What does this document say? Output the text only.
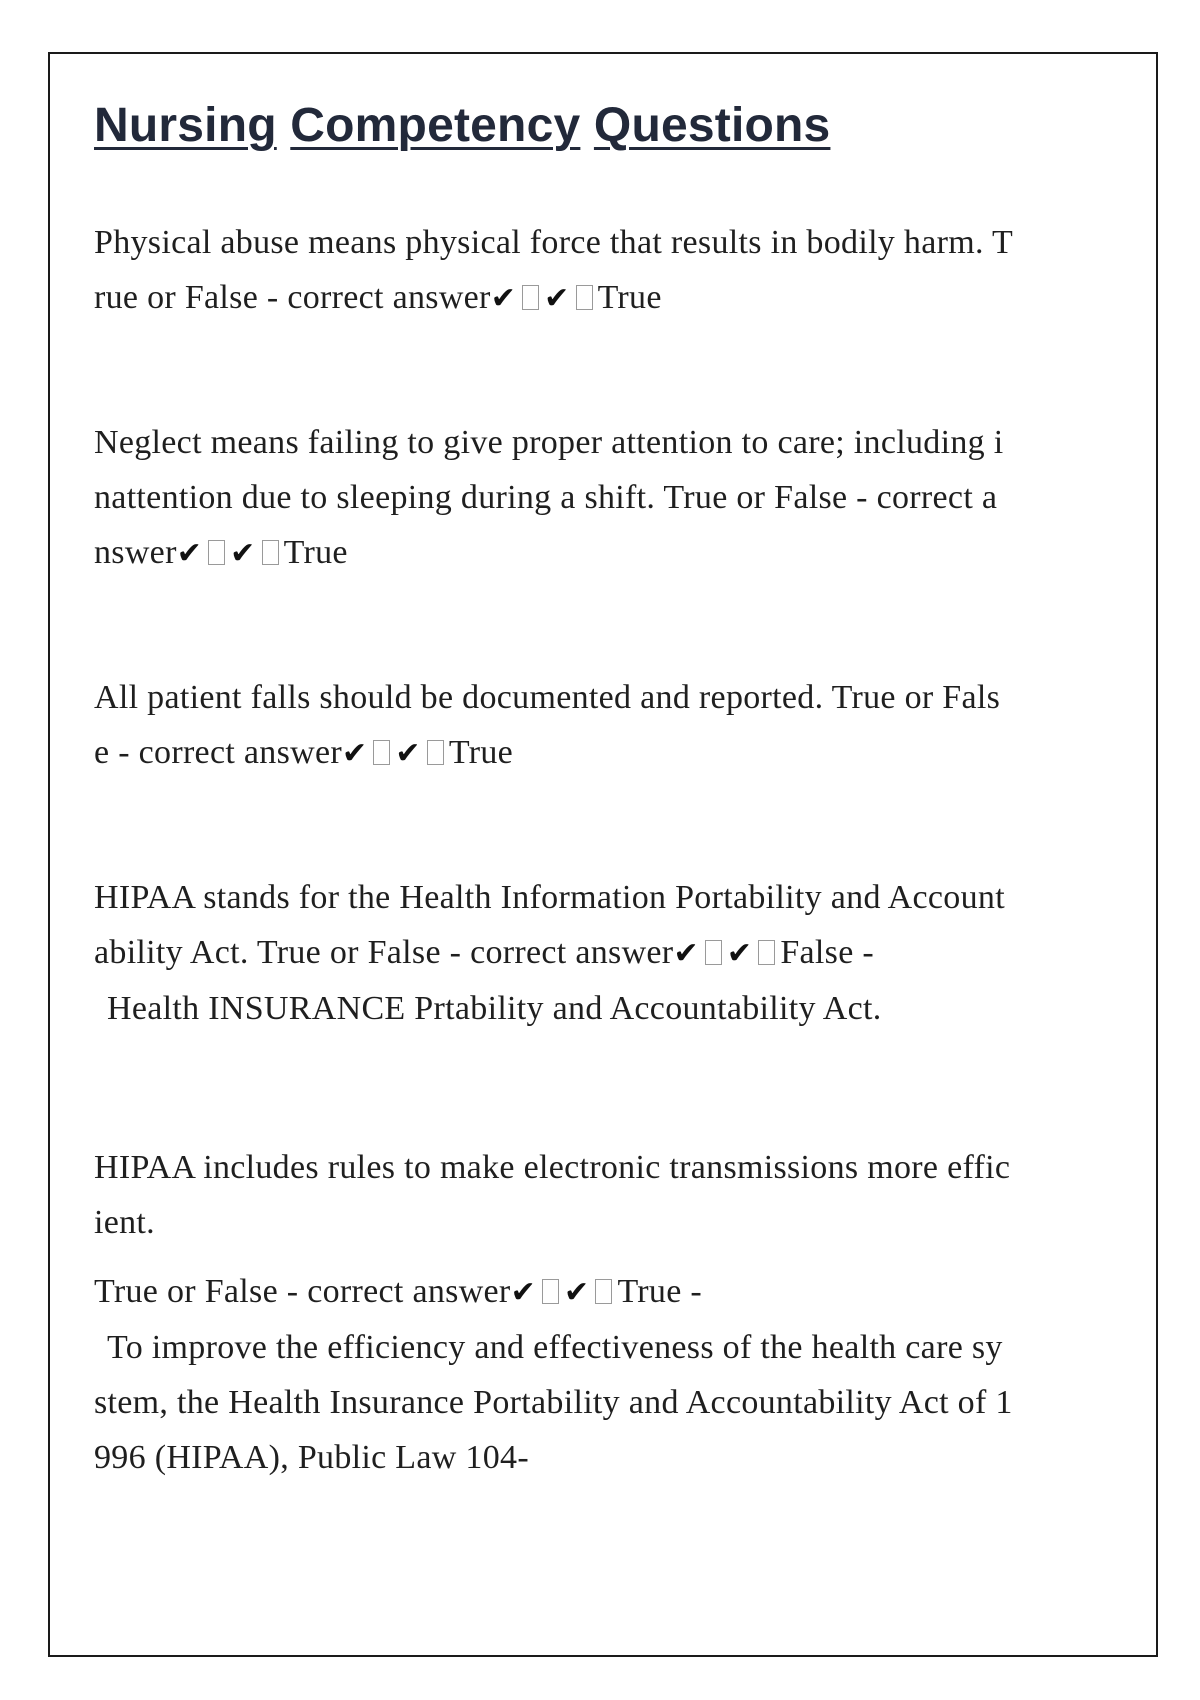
Nursing Competency Questions

Physical abuse means physical force that results in bodily harm. True or False - correct answer✔ ✔ True

Neglect means failing to give proper attention to care; including inattention due to sleeping during a shift. True or False - correct answer✔ ✔ True

All patient falls should be documented and reported. True or False - correct answer✔ ✔ True

HIPAA stands for the Health Information Portability and Accountability Act. True or False - correct answer✔ ✔ False -
Health INSURANCE Prtability and Accountability Act.

HIPAA includes rules to make electronic transmissions more efficient.
True or False - correct answer✔ ✔ True -
To improve the efficiency and effectiveness of the health care system, the Health Insurance Portability and Accountability Act of 1996 (HIPAA), Public Law 104-
